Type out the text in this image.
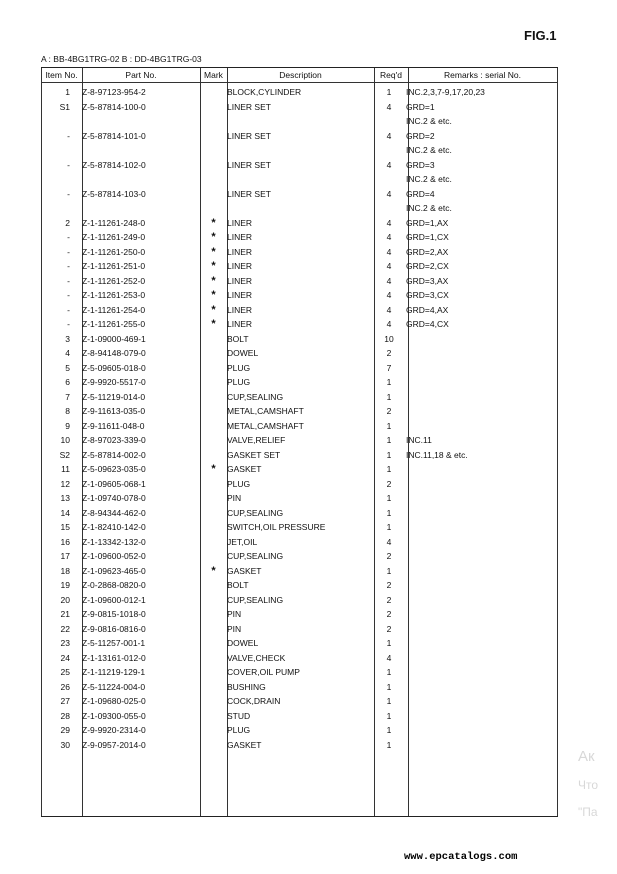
FIG.1
A : BB-4BG1TRG-02 B : DD-4BG1TRG-03
Item No.	Part No.	Mark	Description	Req'd	Remarks : serial No.
1		Z-8-97123-954-2		BLOCK,CYLINDER	1	INC.2,3,7-9,17,20,23
S1		Z-5-87814-100-0		LINER SET	4	GRD=1
						INC.2 & etc.
-		Z-5-87814-101-0		LINER SET	4	GRD=2
						INC.2 & etc.
-		Z-5-87814-102-0		LINER SET	4	GRD=3
						INC.2 & etc.
-		Z-5-87814-103-0		LINER SET	4	GRD=4
						INC.2 & etc.
2		Z-1-11261-248-0	*	LINER	4	GRD=1,AX
-		Z-1-11261-249-0	*	LINER	4	GRD=1,CX
-		Z-1-11261-250-0	*	LINER	4	GRD=2,AX
-		Z-1-11261-251-0	*	LINER	4	GRD=2,CX
-		Z-1-11261-252-0	*	LINER	4	GRD=3,AX
-		Z-1-11261-253-0	*	LINER	4	GRD=3,CX
-		Z-1-11261-254-0	*	LINER	4	GRD=4,AX
-		Z-1-11261-255-0	*	LINER	4	GRD=4,CX
3		Z-1-09000-469-1		BOLT	10	
4		Z-8-94148-079-0		DOWEL	2	
5		Z-5-09605-018-0		PLUG	7	
6		Z-9-9920-5517-0		PLUG	1	
7		Z-5-11219-014-0		CUP,SEALING	1	
8		Z-9-11613-035-0		METAL,CAMSHAFT	2	
9		Z-9-11611-048-0		METAL,CAMSHAFT	1	
10		Z-8-97023-339-0		VALVE,RELIEF	1	INC.11
S2		Z-5-87814-002-0		GASKET SET	1	INC.11,18 & etc.
11		Z-5-09623-035-0	*	GASKET	1	
12		Z-1-09605-068-1		PLUG	2	
13		Z-1-09740-078-0		PIN	1	
14		Z-8-94344-462-0		CUP,SEALING	1	
15		Z-1-82410-142-0		SWITCH,OIL PRESSURE	1	
16		Z-1-13342-132-0		JET,OIL	4	
17		Z-1-09600-052-0		CUP,SEALING	2	
18		Z-1-09623-465-0	*	GASKET	1	
19		Z-0-2868-0820-0		BOLT	2	
20		Z-1-09600-012-1		CUP,SEALING	2	
21		Z-9-0815-1018-0		PIN	2	
22		Z-9-0816-0816-0		PIN	2	
23		Z-5-11257-001-1		DOWEL	1	
24		Z-1-13161-012-0		VALVE,CHECK	4	
25		Z-1-11219-129-1		COVER,OIL PUMP	1	
26		Z-5-11224-004-0		BUSHING	1	
27		Z-1-09680-025-0		COCK,DRAIN	1	
28		Z-1-09300-055-0		STUD	1	
29		Z-9-9920-2314-0		PLUG	1	
30		Z-9-0957-2014-0		GASKET	1	
Ак
Что
"Па
www.epcatalogs.com
